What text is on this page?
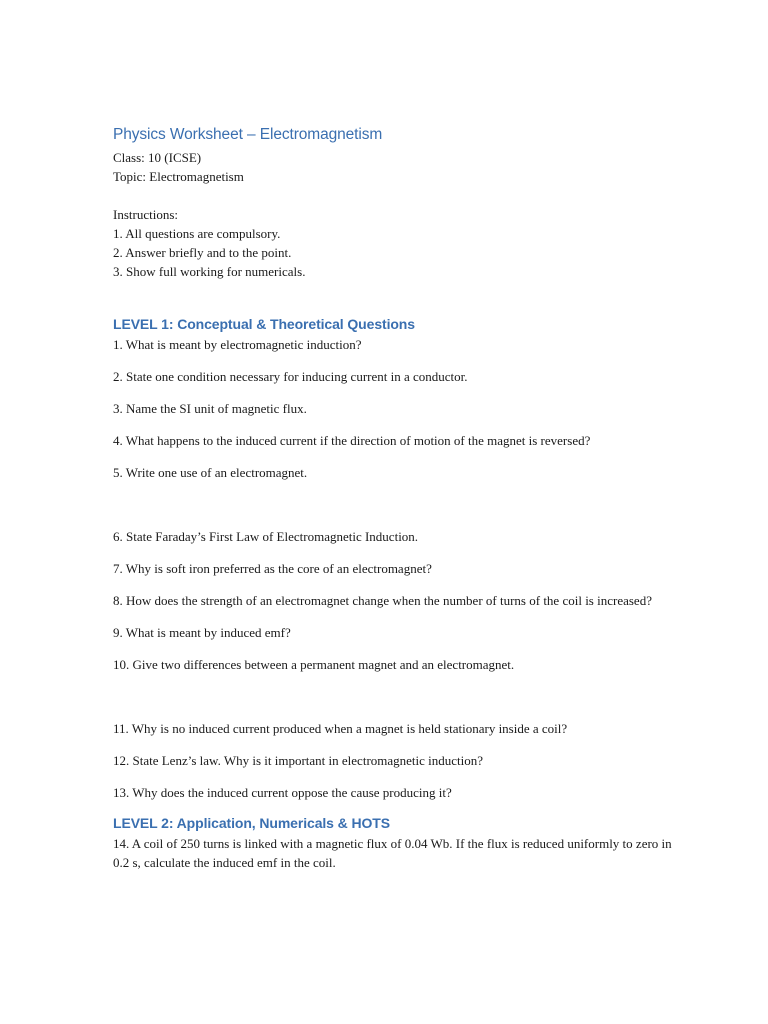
Physics Worksheet – Electromagnetism

Class: 10 (ICSE)

Topic: Electromagnetism

Instructions:

1. All questions are compulsory.

2. Answer briefly and to the point.

3. Show full working for numericals.

LEVEL 1: Conceptual & Theoretical Questions

1. What is meant by electromagnetic induction?

2. State one condition necessary for inducing current in a conductor.

3. Name the SI unit of magnetic flux.

4. What happens to the induced current if the direction of motion of the magnet is reversed?

5. Write one use of an electromagnet.

6. State Faraday’s First Law of Electromagnetic Induction.

7. Why is soft iron preferred as the core of an electromagnet?

8. How does the strength of an electromagnet change when the number of turns of the coil is increased?

9. What is meant by induced emf?

10. Give two differences between a permanent magnet and an electromagnet.

11. Why is no induced current produced when a magnet is held stationary inside a coil?

12. State Lenz’s law. Why is it important in electromagnetic induction?

13. Why does the induced current oppose the cause producing it?

LEVEL 2: Application, Numericals & HOTS

14. A coil of 250 turns is linked with a magnetic flux of 0.04 Wb. If the flux is reduced uniformly to zero in 0.2 s, calculate the induced emf in the coil.
